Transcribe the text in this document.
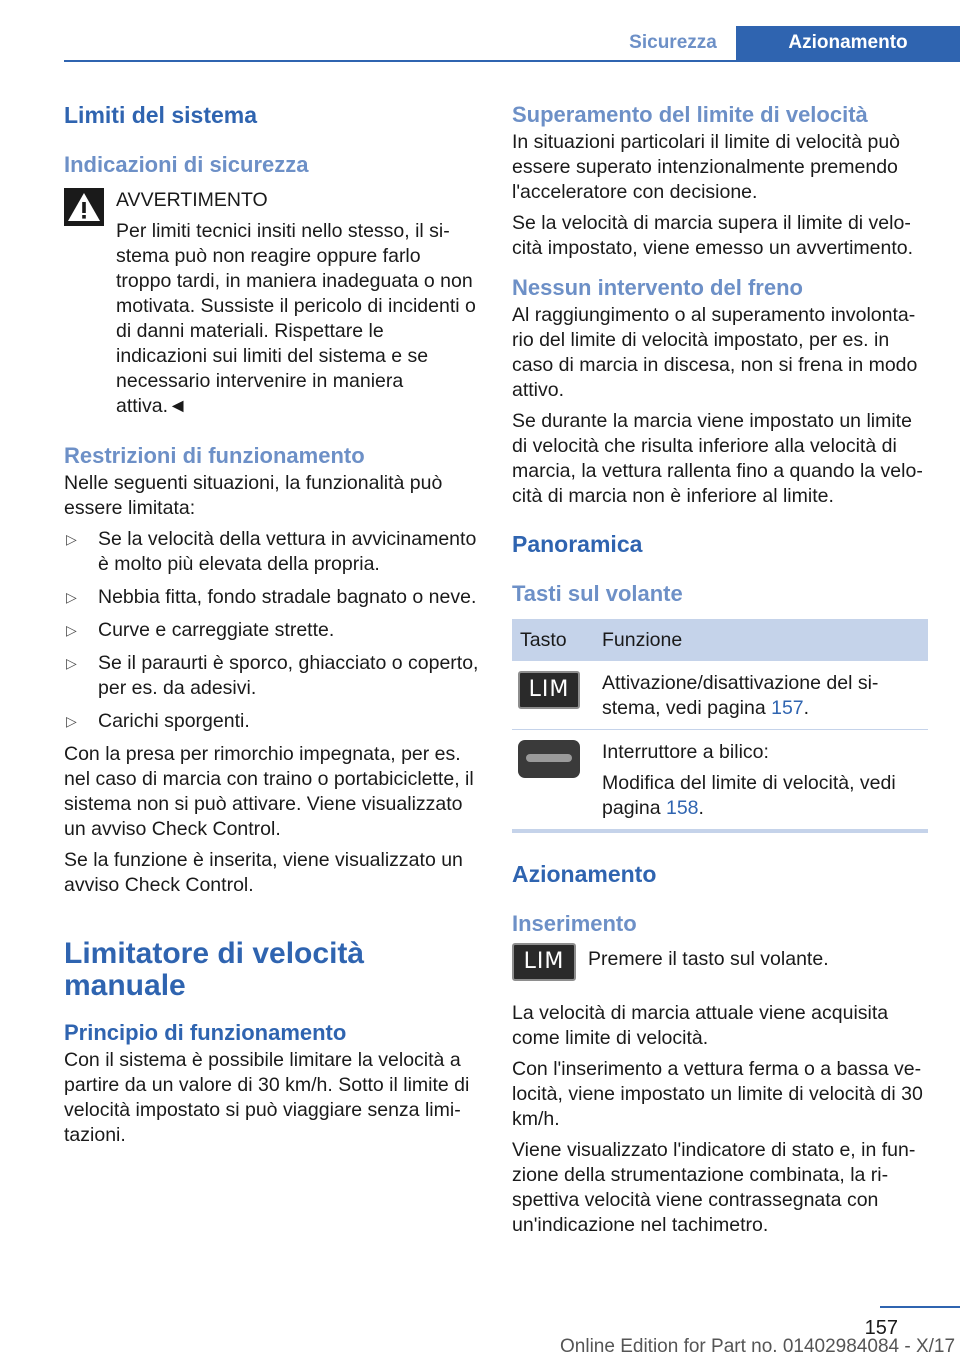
Sicurezza	Azionamento
Limiti del sistema
Indicazioni di sicurezza
AVVERTIMENTO

Per limiti tecnici insiti nello stesso, il sistema può non reagire oppure farlo troppo tardi, in maniera inadeguata o non motivata. Sussiste il pericolo di incidenti o di danni materiali. Rispettare le indicazioni sui limiti del sistema e se necessario intervenire in maniera attiva.◄

Restrizioni di funzionamento

Nelle seguenti situazioni, la funzionalità può essere limitata:

▷ Se la velocità della vettura in avvicinamento è molto più elevata della propria.
▷ Nebbia fitta, fondo stradale bagnato o neve.
▷ Curve e carreggiate strette.
▷ Se il paraurti è sporco, ghiacciato o coperto, per es. da adesivi.
▷ Carichi sporgenti.

Con la presa per rimorchio impegnata, per es. nel caso di marcia con traino o portabiciclette, il sistema non si può attivare. Viene visualizzato un avviso Check Control.

Se la funzione è inserita, viene visualizzato un avviso Check Control.

Limitatore di velocità manuale
Principio di funzionamento

Con il sistema è possibile limitare la velocità a partire da un valore di 30 km/h. Sotto il limite di velocità impostato si può viaggiare senza limitazioni.

Superamento del limite di velocità

In situazioni particolari il limite di velocità può essere superato intenzionalmente premendo l'acceleratore con decisione.

Se la velocità di marcia supera il limite di velocità impostato, viene emesso un avvertimento.

Nessun intervento del freno

Al raggiungimento o al superamento involontario del limite di velocità impostato, per es. in caso di marcia in discesa, non si frena in modo attivo.

Se durante la marcia viene impostato un limite di velocità che risulta inferiore alla velocità di marcia, la vettura rallenta fino a quando la velocità di marcia non è inferiore al limite.

Panoramica
Tasti sul volante
Tasto	Funzione

LIM	Attivazione/disattivazione del sistema, vedi pagina 157.

	Interruttore a bilico:

Modifica del limite di velocità, vedi pagina 158.
Azionamento
Inserimento
LIM	Premere il tasto sul volante.

La velocità di marcia attuale viene acquisita come limite di velocità.

Con l'inserimento a vettura ferma o a bassa velocità, viene impostato un limite di velocità di 30 km/h.

Viene visualizzato l'indicatore di stato e, in funzione della strumentazione combinata, la rispettiva velocità viene contrassegnata con un'indicazione nel tachimetro.

157
Online Edition for Part no. 01402984084 - X/17
